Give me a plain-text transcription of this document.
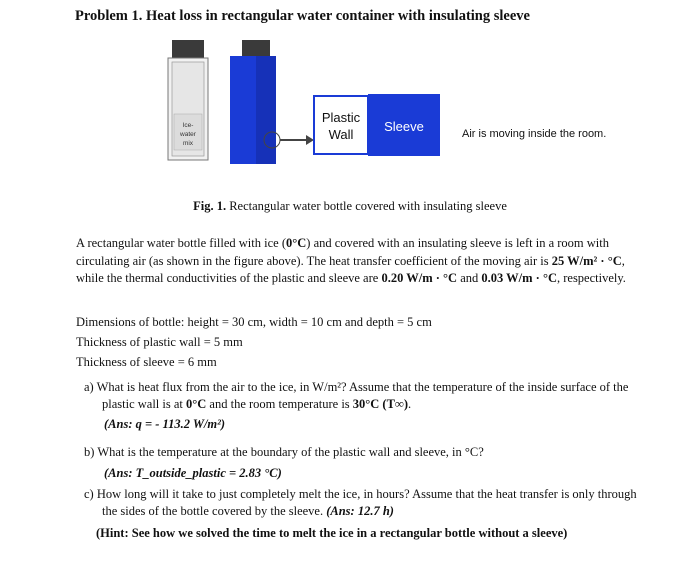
Problem 1. Heat loss in rectangular water container with insulating sleeve
Ice-
water
mix
Plastic
Wall
Sleeve	Air is moving inside the room.
Fig. 1. Rectangular water bottle covered with insulating sleeve
A rectangular water bottle filled with ice (0°C) and covered with an insulating sleeve is left in a room with circulating air (as shown in the figure above). The heat transfer coefficient of the moving air is 25 W/m² · °C, while the thermal conductivities of the plastic and sleeve are 0.20 W/m · °C and 0.03 W/m · °C, respectively.
Dimensions of bottle: height = 30 cm, width = 10 cm and depth = 5 cm
Thickness of plastic wall = 5 mm
Thickness of sleeve = 6 mm
a) What is heat flux from the air to the ice, in W/m²? Assume that the temperature of the inside surface of the plastic wall is at 0°C and the room temperature is 30°C (T∞).
(Ans: q = - 113.2 W/m²)
b) What is the temperature at the boundary of the plastic wall and sleeve, in °C?
(Ans: T_outside_plastic = 2.83 °C)
c) How long will it take to just completely melt the ice, in hours? Assume that the heat transfer is only through the sides of the bottle covered by the sleeve. (Ans: 12.7 h)
(Hint: See how we solved the time to melt the ice in a rectangular bottle without a sleeve)
